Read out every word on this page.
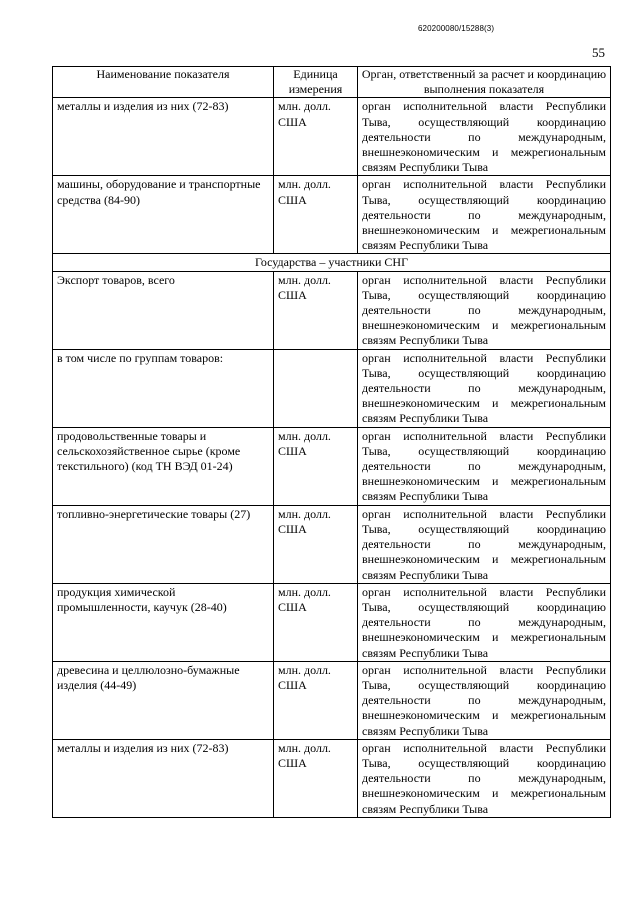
620200080/15288(3)
55
Наименование показателя	Единица измерения	Орган, ответственный за расчет и координацию выполнения показателя
металлы и изделия из них (72-83)	млн. долл. США	орган исполнительной власти Республики Тыва, осуществляющий координацию деятельности по международным, внешнеэкономическим и межрегиональным связям Республики Тыва
машины, оборудование и транспортные средства (84-90)	млн. долл. США	орган исполнительной власти Республики Тыва, осуществляющий координацию деятельности по международным, внешнеэкономическим и межрегиональным связям Республики Тыва
Государства – участники СНГ		
Экспорт товаров, всего	млн. долл. США	орган исполнительной власти Республики Тыва, осуществляющий координацию деятельности по международным, внешнеэкономическим и межрегиональным связям Республики Тыва
в том числе по группам товаров:		орган исполнительной власти Республики Тыва, осуществляющий координацию деятельности по международным, внешнеэкономическим и межрегиональным связям Республики Тыва
продовольственные товары и сельскохозяйственное сырье (кроме текстильного) (код ТН ВЭД 01-24)	млн. долл. США	орган исполнительной власти Республики Тыва, осуществляющий координацию деятельности по международным, внешнеэкономическим и межрегиональным связям Республики Тыва
топливно-энергетические товары (27)	млн. долл. США	орган исполнительной власти Республики Тыва, осуществляющий координацию деятельности по международным, внешнеэкономическим и межрегиональным связям Республики Тыва
продукция химической промышленности, каучук (28-40)	млн. долл. США	орган исполнительной власти Республики Тыва, осуществляющий координацию деятельности по международным, внешнеэкономическим и межрегиональным связям Республики Тыва
древесина и целлюлозно-бумажные изделия (44-49)	млн. долл. США	орган исполнительной власти Республики Тыва, осуществляющий координацию деятельности по международным, внешнеэкономическим и межрегиональным связям Республики Тыва
металлы и изделия из них (72-83)	млн. долл. США	орган исполнительной власти Республики Тыва, осуществляющий координацию деятельности по международным, внешнеэкономическим и межрегиональным связям Республики Тыва
